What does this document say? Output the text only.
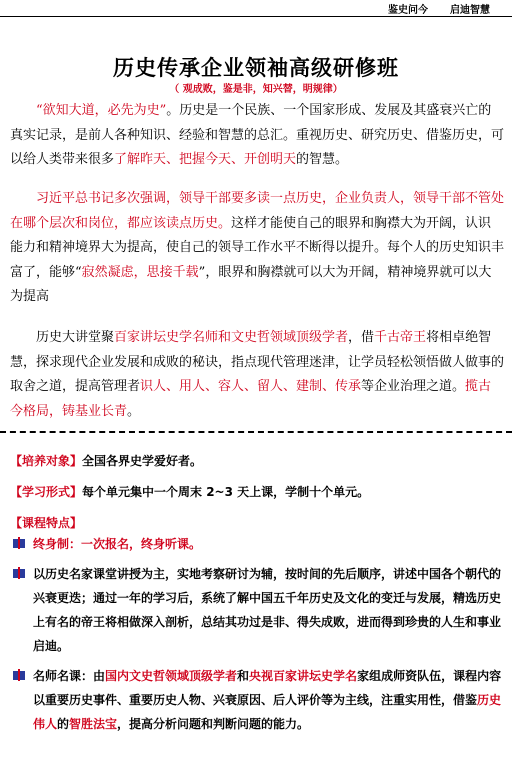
鉴史问今 启迪智慧
历史传承企业领袖高级研修班
（ 观成败，鉴是非，知兴替，明规律）

“欲知大道，必先为史”。历史是一个民族、一个国家形成、发展及其盛衰兴亡的真实记录，是前人各种知识、经验和智慧的总汇。重视历史、研究历史、借鉴历史，可以给人类带来很多了解昨天、把握今天、开创明天的智慧。

习近平总书记多次强调，领导干部要多读一点历史，企业负责人，领导干部不管处在哪个层次和岗位，都应该读点历史。这样才能使自己的眼界和胸襟大为开阔，认识能力和精神境界大为提高，使自己的领导工作水平不断得以提升。每个人的历史知识丰富了，能够“寂然凝虑，思接千载”，眼界和胸襟就可以大为开阔，精神境界就可以大为提高

历史大讲堂聚百家讲坛史学名师和文史哲领域顶级学者，借千古帝王将相卓绝智慧，探求现代企业发展和成败的秘诀，指点现代管理迷津，让学员轻松领悟做人做事的取舍之道，提高管理者识人、用人、容人、留人、建制、传承等企业治理之道。揽古今格局，铸基业长青。

【培养对象】全国各界史学爱好者。
【学习形式】每个单元集中一个周末 2~3 天上课，学制十个单元。
【课程特点】
终身制：一次报名，终身听课。
以历史名家课堂讲授为主，实地考察研讨为辅，按时间的先后顺序，讲述中国各个朝代的兴衰更迭；通过一年的学习后，系统了解中国五千年历史及文化的变迁与发展，精选历史上有名的帝王将相做深入剖析，总结其功过是非、得失成败，进而得到珍贵的人生和事业启迪。
名师名课：由国内文史哲领域顶级学者和央视百家讲坛史学名家组成师资队伍，课程内容以重要历史事件、重要历史人物、兴衰原因、后人评价等为主线，注重实用性，借鉴历史伟人的智胜法宝，提高分析问题和判断问题的能力。
